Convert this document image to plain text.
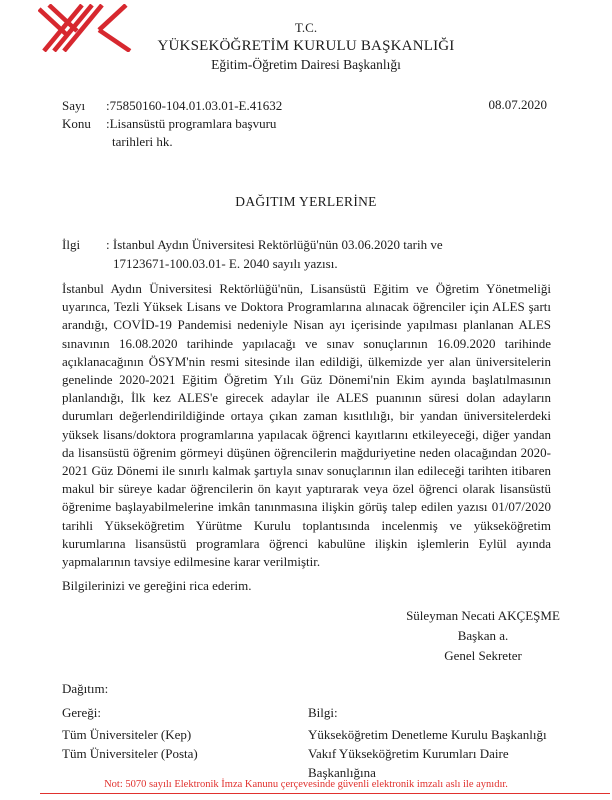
T.C.
YÜKSEKÖĞRETİM KURULU BAŞKANLIĞI
Eğitim-Öğretim Dairesi Başkanlığı
Sayı	:75850160-104.01.03.01-E.41632
Konu	:Lisansüstü programlara başvuru
tarihleri hk.
08.07.2020
DAĞITIM YERLERİNE
İlgi	: İstanbul Aydın Üniversitesi Rektörlüğü'nün 03.06.2020 tarih ve
17123671-100.03.01- E. 2040 sayılı yazısı.
İstanbul Aydın Üniversitesi Rektörlüğü'nün, Lisansüstü Eğitim ve Öğretim Yönetmeliği uyarınca, Tezli Yüksek Lisans ve Doktora Programlarına alınacak öğrenciler için ALES şartı arandığı, COVİD-19 Pandemisi nedeniyle Nisan ayı içerisinde yapılması planlanan ALES sınavının 16.08.2020 tarihinde yapılacağı ve sınav sonuçlarının 16.09.2020 tarihinde açıklanacağının ÖSYM'nin resmi sitesinde ilan edildiği, ülkemizde yer alan üniversitelerin genelinde 2020-2021 Eğitim Öğretim Yılı Güz Dönemi'nin Ekim ayında başlatılmasının planlandığı, İlk kez ALES'e girecek adaylar ile ALES puanının süresi dolan adayların durumları değerlendirildiğinde ortaya çıkan zaman kısıtlılığı, bir yandan üniversitelerdeki yüksek lisans/doktora programlarına yapılacak öğrenci kayıtlarını etkileyeceği, diğer yandan da lisansüstü öğrenim görmeyi düşünen öğrencilerin mağduriyetine neden olacağından 2020-2021 Güz Dönemi ile sınırlı kalmak şartıyla sınav sonuçlarının ilan edileceği tarihten itibaren makul bir süreye kadar öğrencilerin ön kayıt yaptırarak veya özel öğrenci olarak lisansüstü öğrenime başlayabilmelerine imkân tanınmasına ilişkin görüş talep edilen yazısı 01/07/2020 tarihli Yükseköğretim Yürütme Kurulu toplantısında incelenmiş ve yükseköğretim kurumlarına lisansüstü programlara öğrenci kabulüne ilişkin işlemlerin Eylül ayında yapmalarının tavsiye edilmesine karar verilmiştir.
Bilgilerinizi ve gereğini rica ederim.
Süleyman Necati AKÇEŞME
Başkan a.
Genel Sekreter
Dağıtım:
Gereği:
Tüm Üniversiteler (Kep)
Tüm Üniversiteler (Posta)
Bilgi:
Yükseköğretim Denetleme Kurulu Başkanlığı
Vakıf Yükseköğretim Kurumları Daire Başkanlığına
Not: 5070 sayılı Elektronik İmza Kanunu çerçevesinde güvenli elektronik imzalı aslı ile aynıdır.
